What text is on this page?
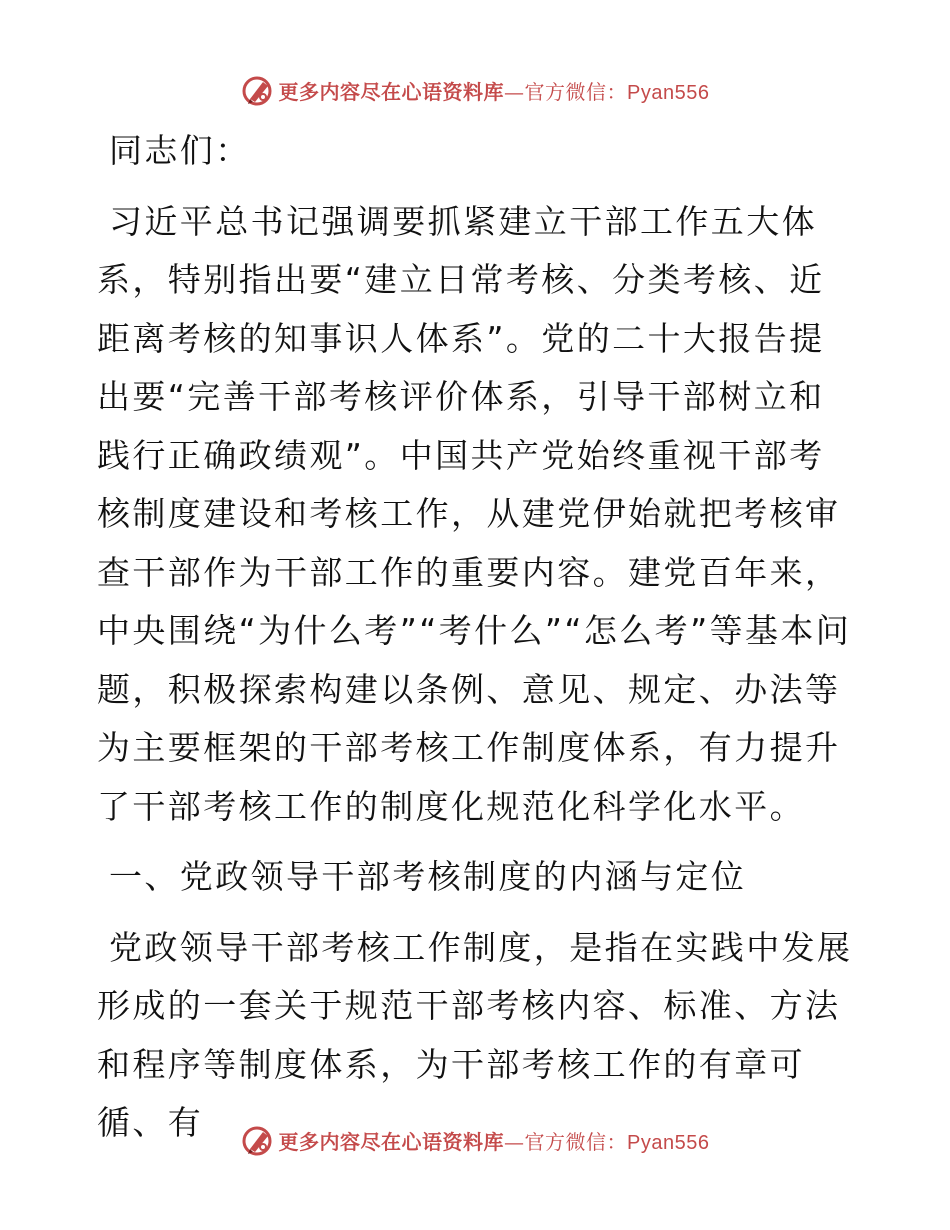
更多内容尽在心语资料库—官方微信：Pyan556

同志们：

习近平总书记强调要抓紧建立干部工作五大体系，特别指出要“建立日常考核、分类考核、近距离考核的知事识人体系”。党的二十大报告提出要“完善干部考核评价体系，引导干部树立和践行正确政绩观”。中国共产党始终重视干部考核制度建设和考核工作，从建党伊始就把考核审查干部作为干部工作的重要内容。建党百年来，中央围绕“为什么考”“考什么”“怎么考”等基本问题，积极探索构建以条例、意见、规定、办法等为主要框架的干部考核工作制度体系，有力提升了干部考核工作的制度化规范化科学化水平。

一、党政领导干部考核制度的内涵与定位

党政领导干部考核工作制度，是指在实践中发展形成的一套关于规范干部考核内容、标准、方法和程序等制度体系，为干部考核工作的有章可循、有	更多内容尽在心语资料库—官方微信：Pyan556
